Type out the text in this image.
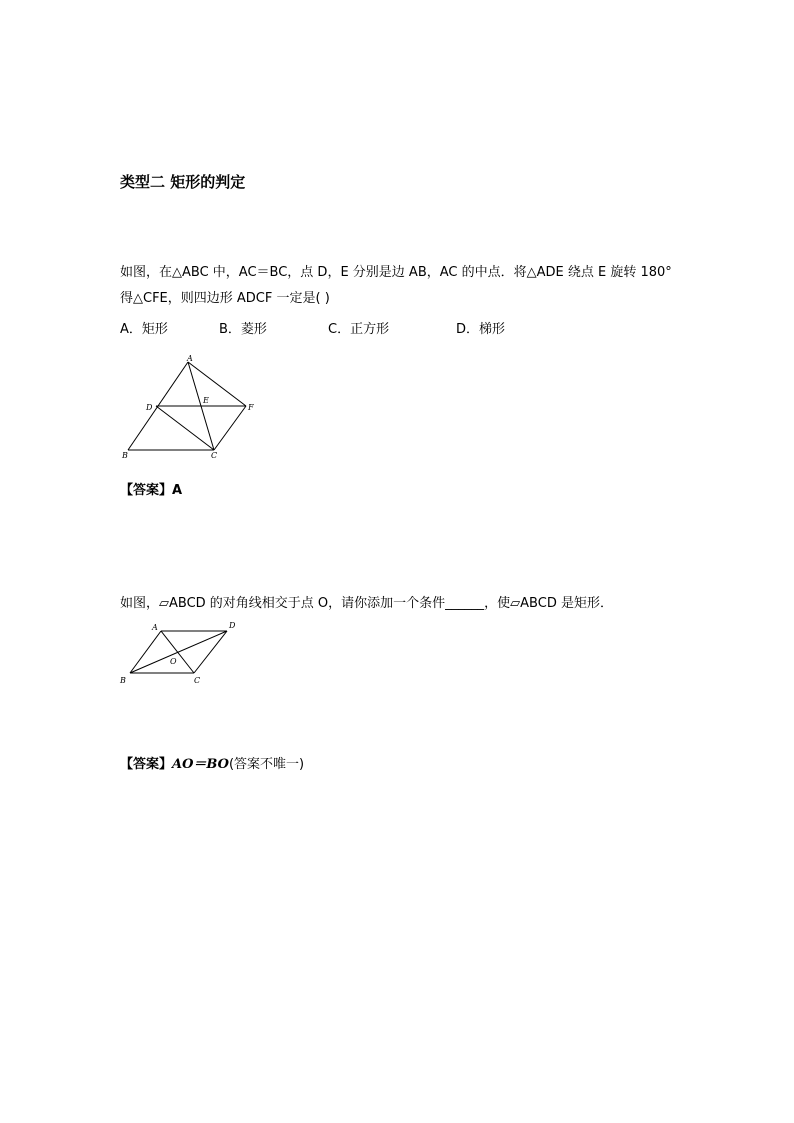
类型二 矩形的判定
如图，在△ABC 中，AC＝BC，点 D，E 分别是边 AB，AC 的中点．将△ADE 绕点 E 旋转 180°
得△CFE，则四边形 ADCF 一定是( )
A．矩形	B．菱形	C．正方形	D．梯形
A
B	C
D
E
F
【答案】A
如图，▱ABCD 的对角线相交于点 O，请你添加一个条件______，使▱ABCD 是矩形．
A	D
B	C
O
【答案】AO＝BO(答案不唯一)
